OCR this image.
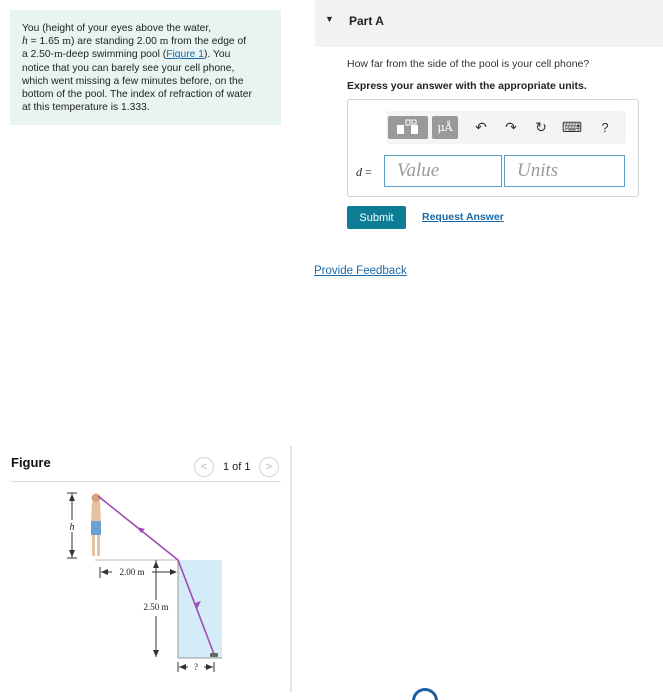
You (height of your eyes above the water,
h = 1.65 m) are standing 2.00 m from the edge of
a 2.50-m-deep swimming pool (Figure 1). You
notice that you can barely see your cell phone,
which went missing a few minutes before, on the
bottom of the pool. The index of refraction of water
at this temperature is 1.333.
Figure	<	1 of 1	>
h
2.00 m
2.50 m
?
▼ Part A
How far from the side of the pool is your cell phone?
Express your answer with the appropriate units.
μÅ	↶	↷	↻	⌨	?
d =
Value
Units
Submit	Request Answer
Provide Feedback
